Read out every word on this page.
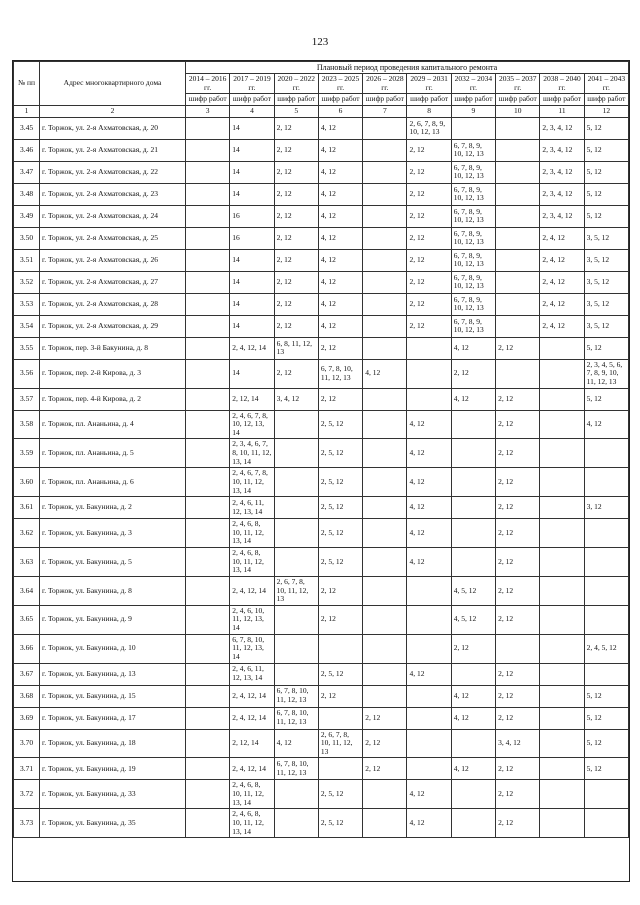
123
№ пп	Адрес многоквартирного дома	Плановый период проведения капитального ремонта									
		2014 – 2016 гг.	2017 – 2019 гг.	2020 – 2022 гг.	2023 – 2025 гг.	2026 – 2028 гг.	2029 – 2031 гг.	2032 – 2034 гг.	2035 – 2037 гг.	2038 – 2040 гг.	2041 – 2043 гг.
		шифр работ	шифр работ	шифр работ	шифр работ	шифр работ	шифр работ	шифр работ	шифр работ	шифр работ	шифр работ
1	2	3	4	5	6	7	8	9	10	11	12
3.45	г. Торжок, ул. 2-я Ахматовская, д. 20		14	2, 12	4, 12		2, 6, 7, 8, 9, 10, 12, 13			2, 3, 4, 12	5, 12
3.46	г. Торжок, ул. 2-я Ахматовская, д. 21		14	2, 12	4, 12		2, 12	6, 7, 8, 9, 10, 12, 13		2, 3, 4, 12	5, 12
3.47	г. Торжок, ул. 2-я Ахматовская, д. 22		14	2, 12	4, 12		2, 12	6, 7, 8, 9, 10, 12, 13		2, 3, 4, 12	5, 12
3.48	г. Торжок, ул. 2-я Ахматовская, д. 23		14	2, 12	4, 12		2, 12	6, 7, 8, 9, 10, 12, 13		2, 3, 4, 12	5, 12
3.49	г. Торжок, ул. 2-я Ахматовская, д. 24		16	2, 12	4, 12		2, 12	6, 7, 8, 9, 10, 12, 13		2, 3, 4, 12	5, 12
3.50	г. Торжок, ул. 2-я Ахматовская, д. 25		16	2, 12	4, 12		2, 12	6, 7, 8, 9, 10, 12, 13		2, 4, 12	3, 5, 12
3.51	г. Торжок, ул. 2-я Ахматовская, д. 26		14	2, 12	4, 12		2, 12	6, 7, 8, 9, 10, 12, 13		2, 4, 12	3, 5, 12
3.52	г. Торжок, ул. 2-я Ахматовская, д. 27		14	2, 12	4, 12		2, 12	6, 7, 8, 9, 10, 12, 13		2, 4, 12	3, 5, 12
3.53	г. Торжок, ул. 2-я Ахматовская, д. 28		14	2, 12	4, 12		2, 12	6, 7, 8, 9, 10, 12, 13		2, 4, 12	3, 5, 12
3.54	г. Торжок, ул. 2-я Ахматовская, д. 29		14	2, 12	4, 12		2, 12	6, 7, 8, 9, 10, 12, 13		2, 4, 12	3, 5, 12
3.55	г. Торжок, пер. 3-й Бакунина, д. 8		2, 4, 12, 14	6, 8, 11, 12, 13	2, 12			4, 12	2, 12		5, 12
3.56	г. Торжок, пер. 2-й Кирова, д. 3		14	2, 12	6, 7, 8, 10, 11, 12, 13	4, 12		2, 12			2, 3, 4, 5, 6, 7, 8, 9, 10, 11, 12, 13
3.57	г. Торжок, пер. 4-й Кирова, д. 2		2, 12, 14	3, 4, 12	2, 12			4, 12	2, 12		5, 12
3.58	г. Торжок, пл. Ананьина, д. 4		2, 4, 6, 7, 8, 10, 12, 13, 14		2, 5, 12		4, 12		2, 12		4, 12
3.59	г. Торжок, пл. Ананьина, д. 5		2, 3, 4, 6, 7, 8, 10, 11, 12, 13, 14		2, 5, 12		4, 12		2, 12		
3.60	г. Торжок, пл. Ананьина, д. 6		2, 4, 6, 7, 8, 10, 11, 12, 13, 14		2, 5, 12		4, 12		2, 12		
3.61	г. Торжок, ул. Бакунина, д. 2		2, 4, 6, 11, 12, 13, 14		2, 5, 12		4, 12		2, 12		3, 12
3.62	г. Торжок, ул. Бакунина, д. 3		2, 4, 6, 8, 10, 11, 12, 13, 14		2, 5, 12		4, 12		2, 12		
3.63	г. Торжок, ул. Бакунина, д. 5		2, 4, 6, 8, 10, 11, 12, 13, 14		2, 5, 12		4, 12		2, 12		
3.64	г. Торжок, ул. Бакунина, д. 8		2, 4, 12, 14	2, 6, 7, 8, 10, 11, 12, 13	2, 12			4, 5, 12	2, 12		
3.65	г. Торжок, ул. Бакунина, д. 9		2, 4, 6, 10, 11, 12, 13, 14		2, 12			4, 5, 12	2, 12		
3.66	г. Торжок, ул. Бакунина, д. 10		6, 7, 8, 10, 11, 12, 13, 14					2, 12			2, 4, 5, 12
3.67	г. Торжок, ул. Бакунина, д. 13		2, 4, 6, 11, 12, 13, 14		2, 5, 12		4, 12		2, 12		
3.68	г. Торжок, ул. Бакунина, д. 15		2, 4, 12, 14	6, 7, 8, 10, 11, 12, 13	2, 12			4, 12	2, 12		5, 12
3.69	г. Торжок, ул. Бакунина, д. 17		2, 4, 12, 14	6, 7, 8, 10, 11, 12, 13		2, 12		4, 12	2, 12		5, 12
3.70	г. Торжок, ул. Бакунина, д. 18		2, 12, 14	4, 12	2, 6, 7, 8, 10, 11, 12, 13	2, 12			3, 4, 12		5, 12
3.71	г. Торжок, ул. Бакунина, д. 19		2, 4, 12, 14	6, 7, 8, 10, 11, 12, 13		2, 12		4, 12	2, 12		5, 12
3.72	г. Торжок, ул. Бакунина, д. 33		2, 4, 6, 8, 10, 11, 12, 13, 14		2, 5, 12		4, 12		2, 12		
3.73	г. Торжок, ул. Бакунина, д. 35		2, 4, 6, 8, 10, 11, 12, 13, 14		2, 5, 12		4, 12		2, 12		
